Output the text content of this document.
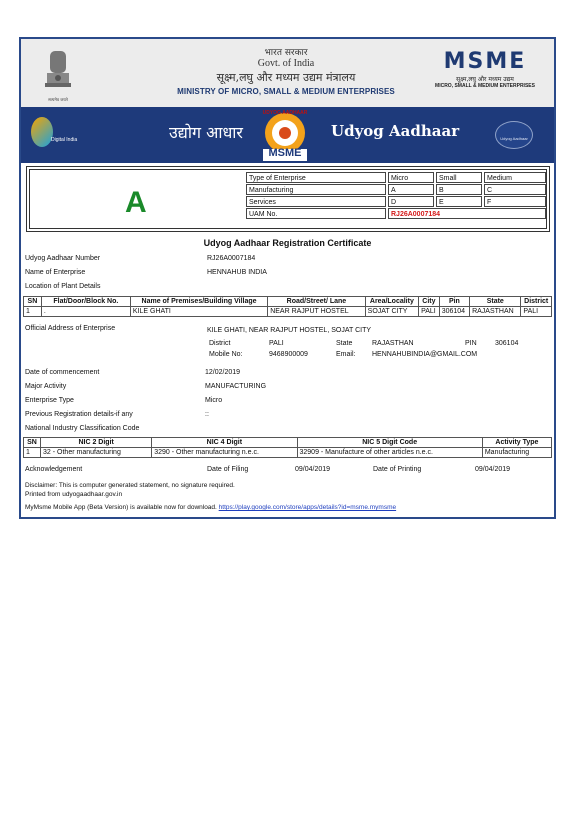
सत्यमेव जयते
भारत सरकार
Govt. of India
सूक्ष्म,लघु और मध्यम उद्यम मंत्रालय
MINISTRY OF MICRO, SMALL & MEDIUM ENTERPRISES
MSME
सूक्ष्म,लघु और मध्यम उद्यम
MICRO, SMALL & MEDIUM ENTERPRISES
Digital India	उद्योग आधार
UDYOG AADHAAR
MSME
Udyog Aadhaar	Udyog Aadhaar
A
Type of Enterprise	Micro	Small	Medium
Manufacturing	A	B	C
Services	D	E	F
UAM No.	RJ26A0007184
Udyog Aadhaar Registration Certificate
Udyog Aadhaar Number	RJ26A0007184
Name of Enterprise	HENNAHUB INDIA
Location of Plant Details
SN	Flat/Door/Block No.	Name of Premises/Building Village	Road/Street/ Lane	Area/Locality	City	Pin	State	District
1	.	KILE GHATI	NEAR RAJPUT HOSTEL	SOJAT CITY	PALI	306104	RAJASTHAN	PALI
Official Address of Enterprise	KILE GHATI, NEAR RAJPUT HOSTEL, SOJAT CITY
District	PALI	State	RAJASTHAN	PIN	306104
Mobile No:	9468900009	Email: HENNAHUBINDIA@GMAIL.COM
Date of commencement	12/02/2019
Major Activity	MANUFACTURING
Enterprise Type	Micro
Previous Registration details-if any	::
National Industry Classification Code
SN	NIC 2 Digit	NIC 4 Digit	NIC 5 Digit Code	Activity Type
1	32 - Other manufacturing	3290 - Other manufacturing n.e.c.	32909 - Manufacture of other articles n.e.c.	Manufacturing
Acknowledgement	Date of Filing	09/04/2019	Date of Printing	09/04/2019
Disclaimer: This is computer generated statement, no signature required.
Printed from udyogaadhaar.gov.in
MyMsme Mobile App (Beta Version) is available now for download. https://play.google.com/store/apps/details?id=msme.mymsme
